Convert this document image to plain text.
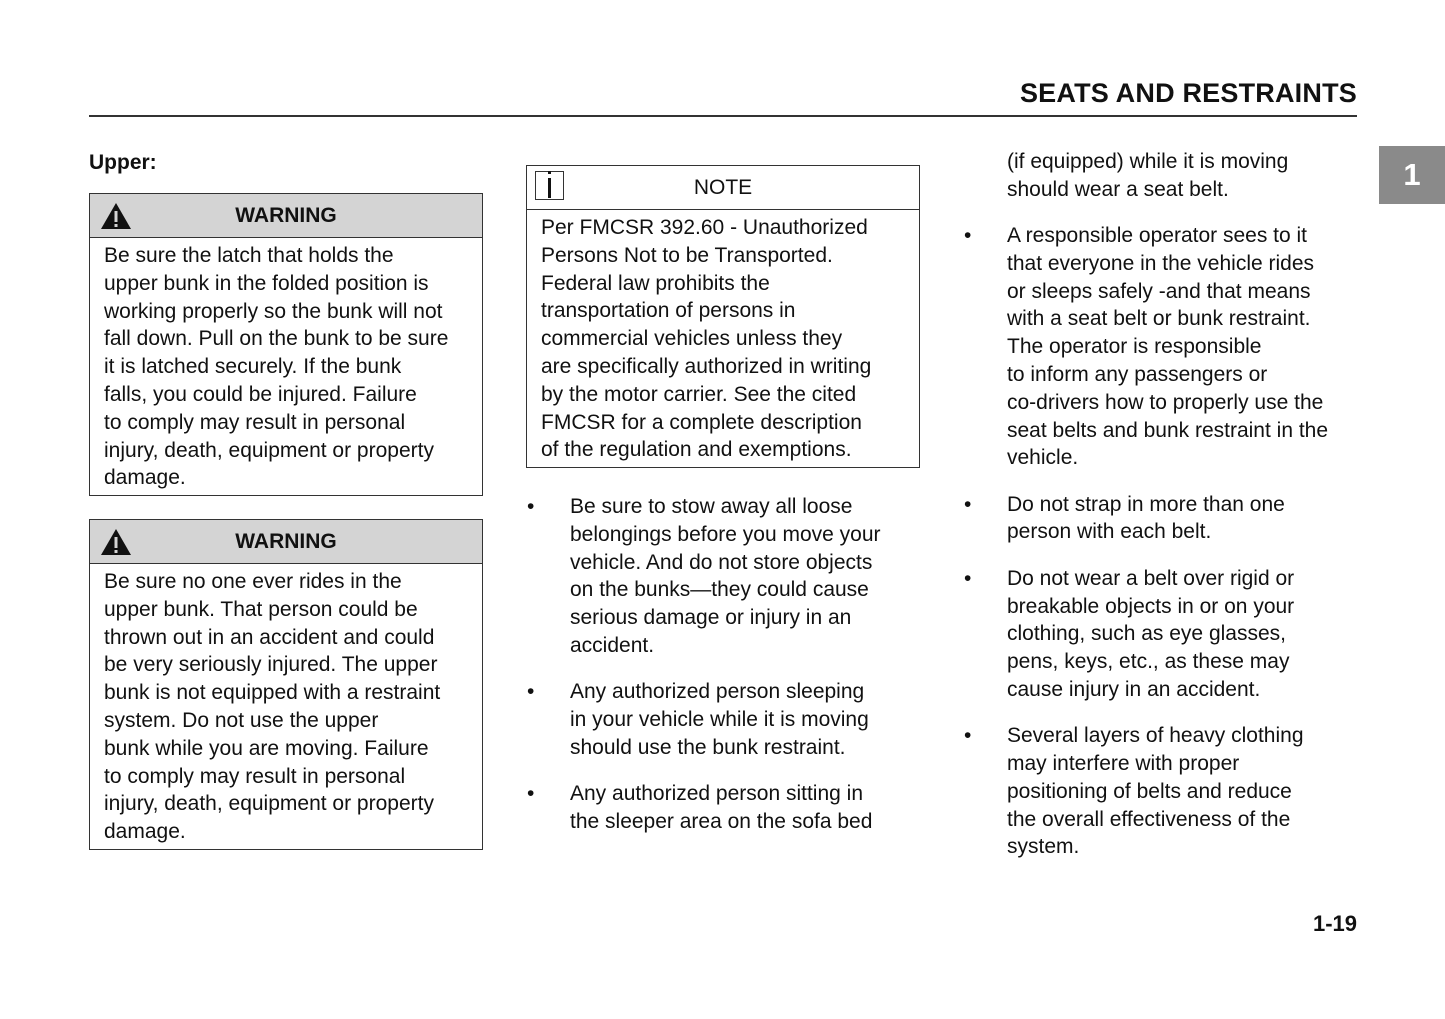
SEATS AND RESTRAINTS
1
Upper:
WARNING
Be sure the latch that holds the
upper bunk in the folded position is
working properly so the bunk will not
fall down. Pull on the bunk to be sure
it is latched securely. If the bunk
falls, you could be injured. Failure
to comply may result in personal
injury, death, equipment or property
damage.
WARNING
Be sure no one ever rides in the
upper bunk. That person could be
thrown out in an accident and could
be very seriously injured. The upper
bunk is not equipped with a restraint
system. Do not use the upper
bunk while you are moving. Failure
to comply may result in personal
injury, death, equipment or property
damage.
NOTE
Per FMCSR 392.60 - Unauthorized
Persons Not to be Transported.
Federal law prohibits the
transportation of persons in
commercial vehicles unless they
are specifically authorized in writing
by the motor carrier. See the cited
FMCSR for a complete description
of the regulation and exemptions.
• Be sure to stow away all loose
belongings before you move your
vehicle. And do not store objects
on the bunks—they could cause
serious damage or injury in an
accident.
• Any authorized person sleeping
in your vehicle while it is moving
should use the bunk restraint.
• Any authorized person sitting in
the sleeper area on the sofa bed
(if equipped) while it is moving
should wear a seat belt.
• A responsible operator sees to it
that everyone in the vehicle rides
or sleeps safely -and that means
with a seat belt or bunk restraint.
The operator is responsible
to inform any passengers or
co-drivers how to properly use the
seat belts and bunk restraint in the
vehicle.
• Do not strap in more than one
person with each belt.
• Do not wear a belt over rigid or
breakable objects in or on your
clothing, such as eye glasses,
pens, keys, etc., as these may
cause injury in an accident.
• Several layers of heavy clothing
may interfere with proper
positioning of belts and reduce
the overall effectiveness of the
system.
1-19
